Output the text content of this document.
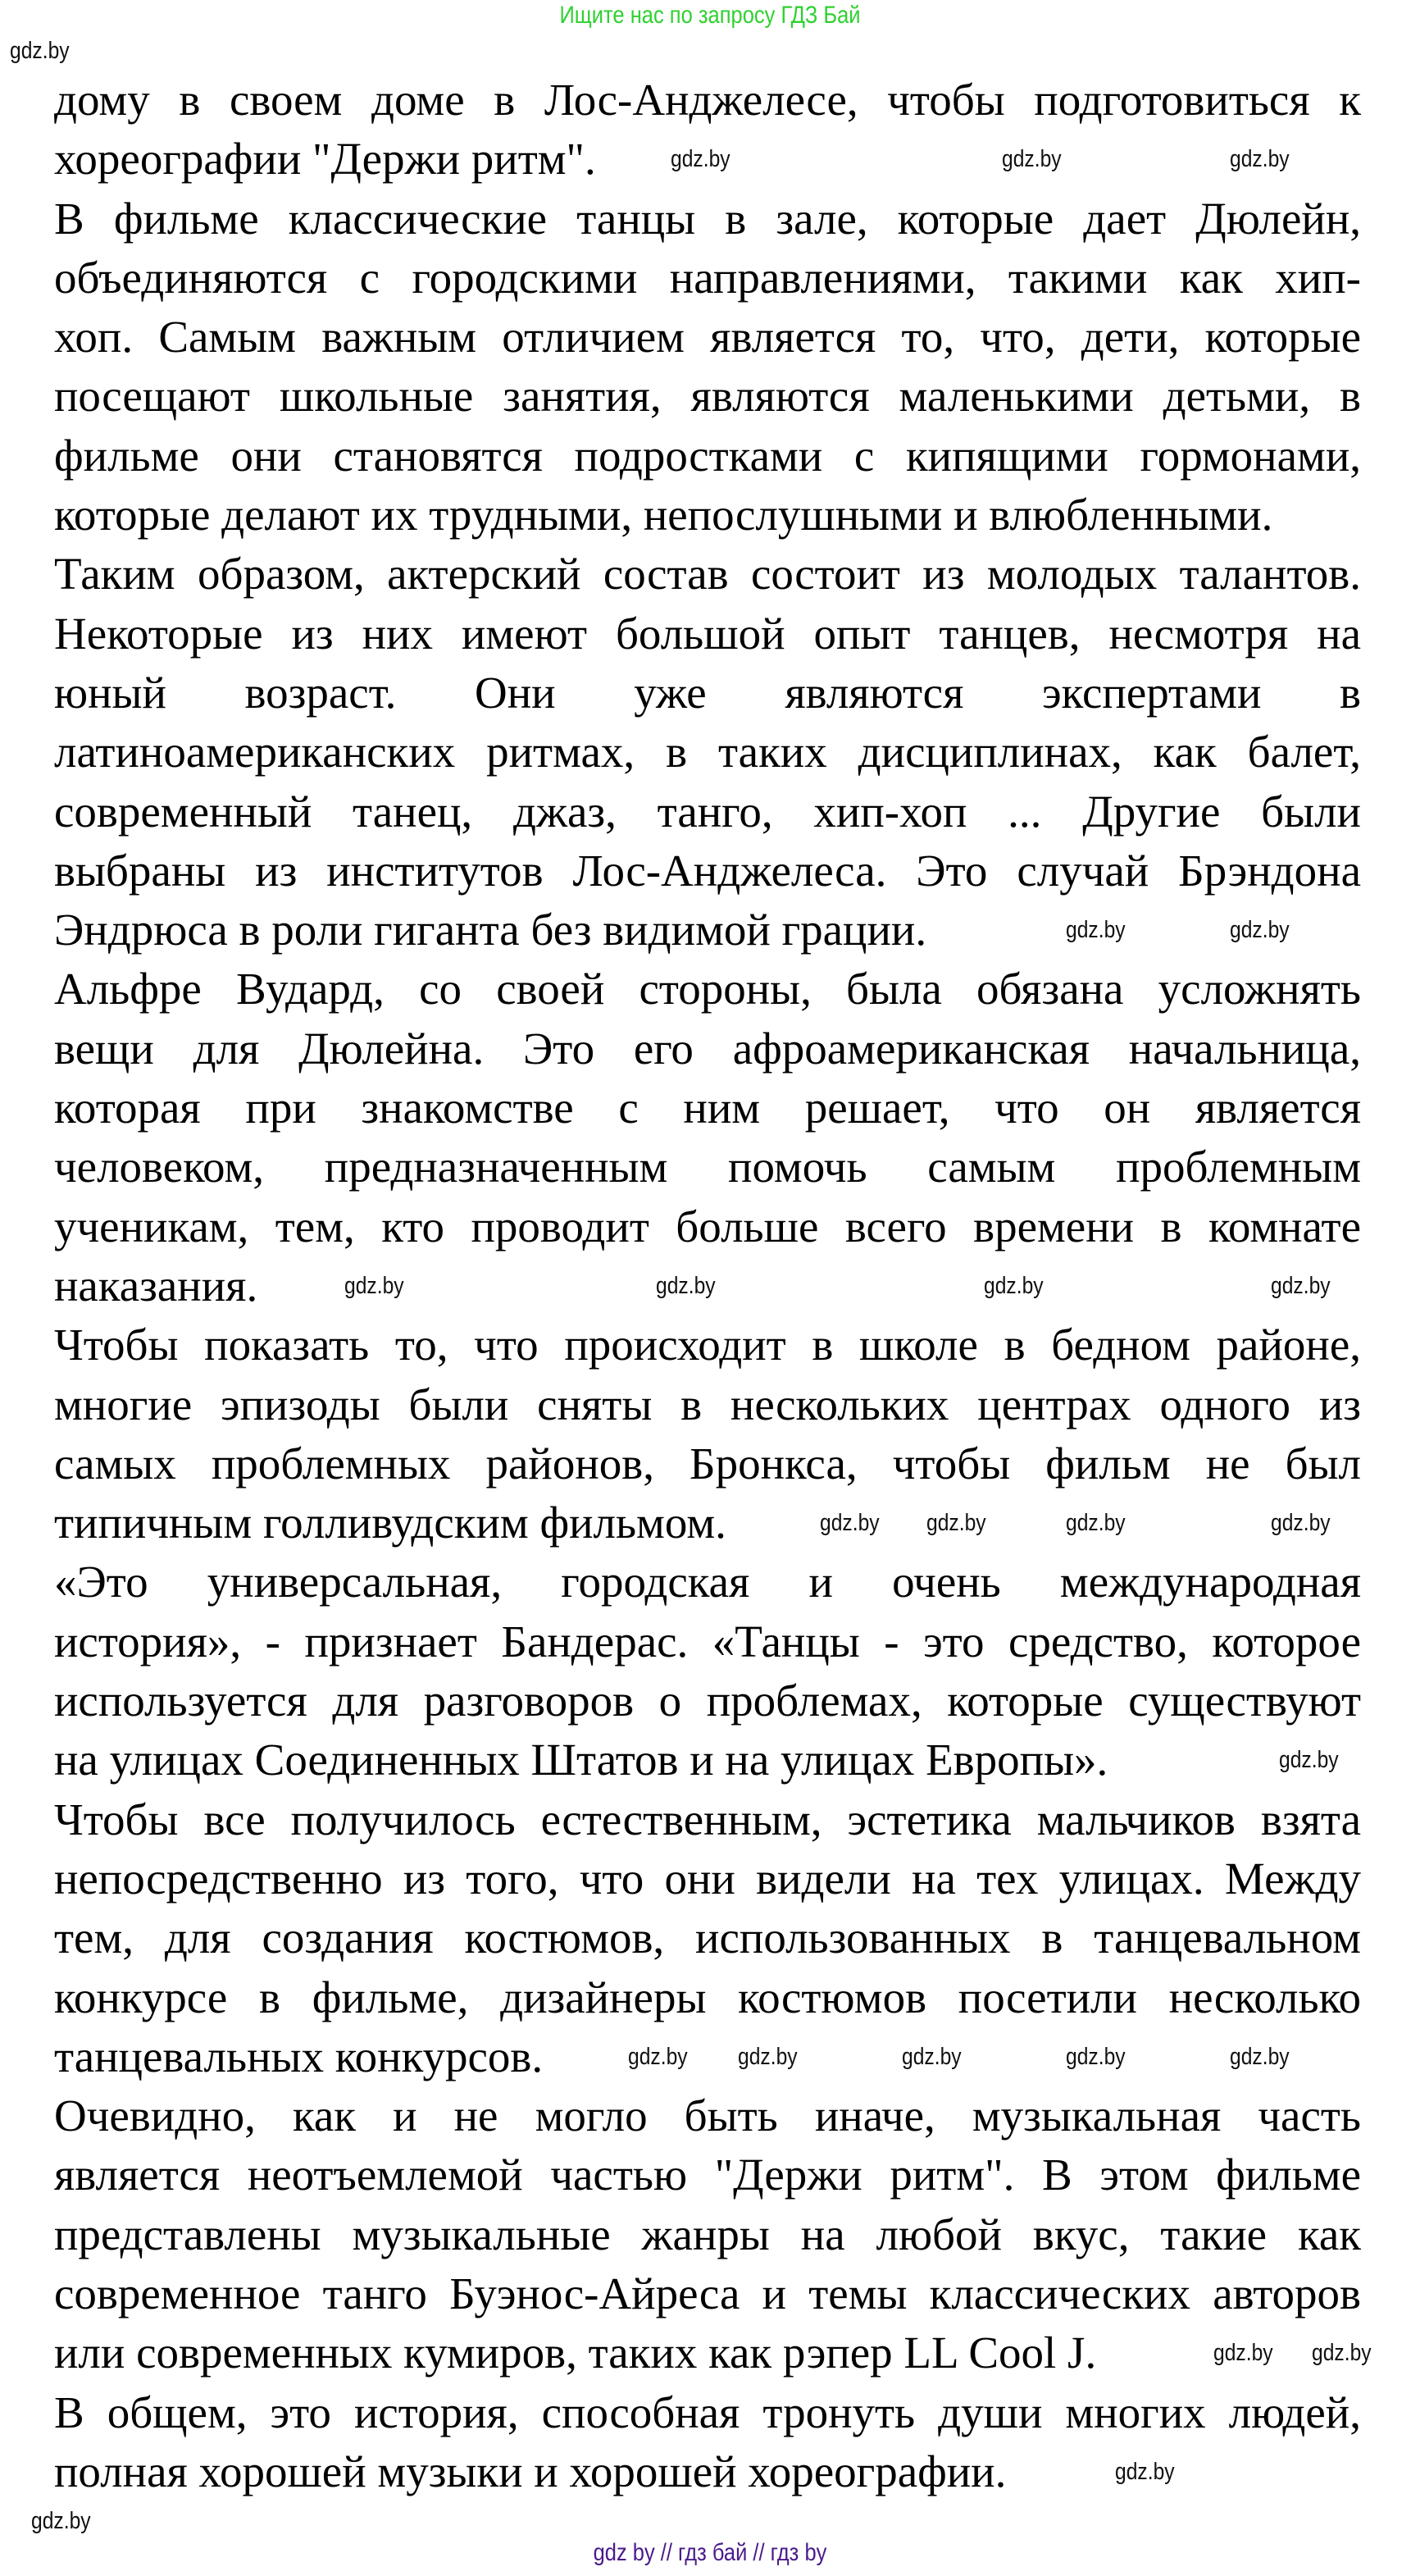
Ищите нас по запросу ГДЗ Бай
дому в своем доме в Лос-Анджелесе, чтобы подготовиться к
хореографии "Держи ритм".
В фильме классические танцы в зале, которые дает Дюлейн,
объединяются с городскими направлениями, такими как хип-
хоп. Самым важным отличием является то, что, дети, которые
посещают школьные занятия, являются маленькими детьми, в
фильме они становятся подростками с кипящими гормонами,
которые делают их трудными, непослушными и влюбленными.
Таким образом, актерский состав состоит из молодых талантов.
Некоторые из них имеют большой опыт танцев, несмотря на
юный возраст. Они уже являются экспертами в
латиноамериканских ритмах, в таких дисциплинах, как балет,
современный танец, джаз, танго, хип-хоп ... Другие были
выбраны из институтов Лос-Анджелеса. Это случай Брэндона
Эндрюса в роли гиганта без видимой грации.
Альфре Вудард, со своей стороны, была обязана усложнять
вещи для Дюлейна. Это его афроамериканская начальница,
которая при знакомстве с ним решает, что он является
человеком, предназначенным помочь самым проблемным
ученикам, тем, кто проводит больше всего времени в комнате
наказания.
Чтобы показать то, что происходит в школе в бедном районе,
многие эпизоды были сняты в нескольких центрах одного из
самых проблемных районов, Бронкса, чтобы фильм не был
типичным голливудским фильмом.
«Это универсальная, городская и очень международная
история», - признает Бандерас. «Танцы - это средство, которое
используется для разговоров о проблемах, которые существуют
на улицах Соединенных Штатов и на улицах Европы».
Чтобы все получилось естественным, эстетика мальчиков взята
непосредственно из того, что они видели на тех улицах. Между
тем, для создания костюмов, использованных в танцевальном
конкурсе в фильме, дизайнеры костюмов посетили несколько
танцевальных конкурсов.
Очевидно, как и не могло быть иначе, музыкальная часть
является неотъемлемой частью "Держи ритм". В этом фильме
представлены музыкальные жанры на любой вкус, такие как
современное танго Буэнос-Айреса и темы классических авторов
или современных кумиров, таких как рэпер LL Cool J.
В общем, это история, способная тронуть души многих людей,
полная хорошей музыки и хорошей хореографии.
gdz.by
gdz.by	gdz.by	gdz.by
gdz.by	gdz.by	gdz.by
gdz.by	gdz.by
gdz.by	gdz.by
gdz.by
gdz.by
gdz.by
gdz.by
gdz.by
gdz.by
gdz.by
gdz.by	gdz.by
gdz.by gdz.by
gdz.by
gdz.by
gdz by // гдз бай // гдз by
